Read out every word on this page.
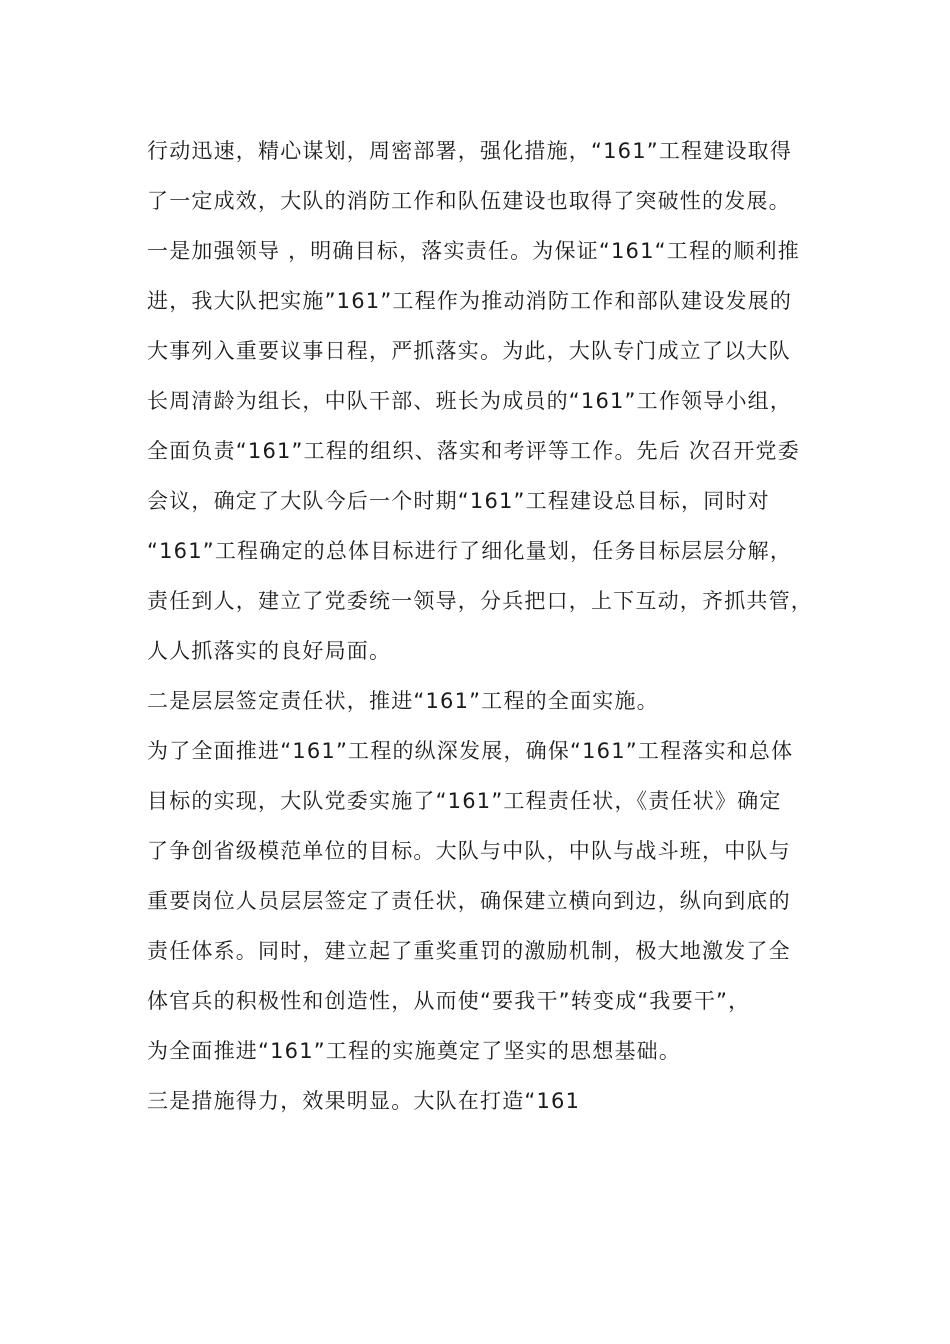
行动迅速，精心谋划，周密部署，强化措施，“161”工程建设取得
了一定成效，大队的消防工作和队伍建设也取得了突破性的发展。
一是加强领导 ，明确目标，落实责任。为保证“161“工程的顺利推
进，我大队把实施”161”工程作为推动消防工作和部队建设发展的
大事列入重要议事日程，严抓落实。为此，大队专门成立了以大队
长周清龄为组长，中队干部、班长为成员的“161”工作领导小组，
全面负责“161”工程的组织、落实和考评等工作。先后 次召开党委
会议，确定了大队今后一个时期“161”工程建设总目标，同时对
“161”工程确定的总体目标进行了细化量划，任务目标层层分解，
责任到人，建立了党委统一领导，分兵把口，上下互动，齐抓共管，
人人抓落实的良好局面。
二是层层签定责任状，推进“161”工程的全面实施。
为了全面推进“161”工程的纵深发展，确保“161”工程落实和总体
目标的实现，大队党委实施了“161”工程责任状，《责任状》确定
了争创省级模范单位的目标。大队与中队，中队与战斗班，中队与
重要岗位人员层层签定了责任状，确保建立横向到边，纵向到底的
责任体系。同时，建立起了重奖重罚的激励机制，极大地激发了全
体官兵的积极性和创造性，从而使“要我干”转变成“我要干”，
为全面推进“161”工程的实施奠定了坚实的思想基础。
三是措施得力，效果明显。大队在打造“161
